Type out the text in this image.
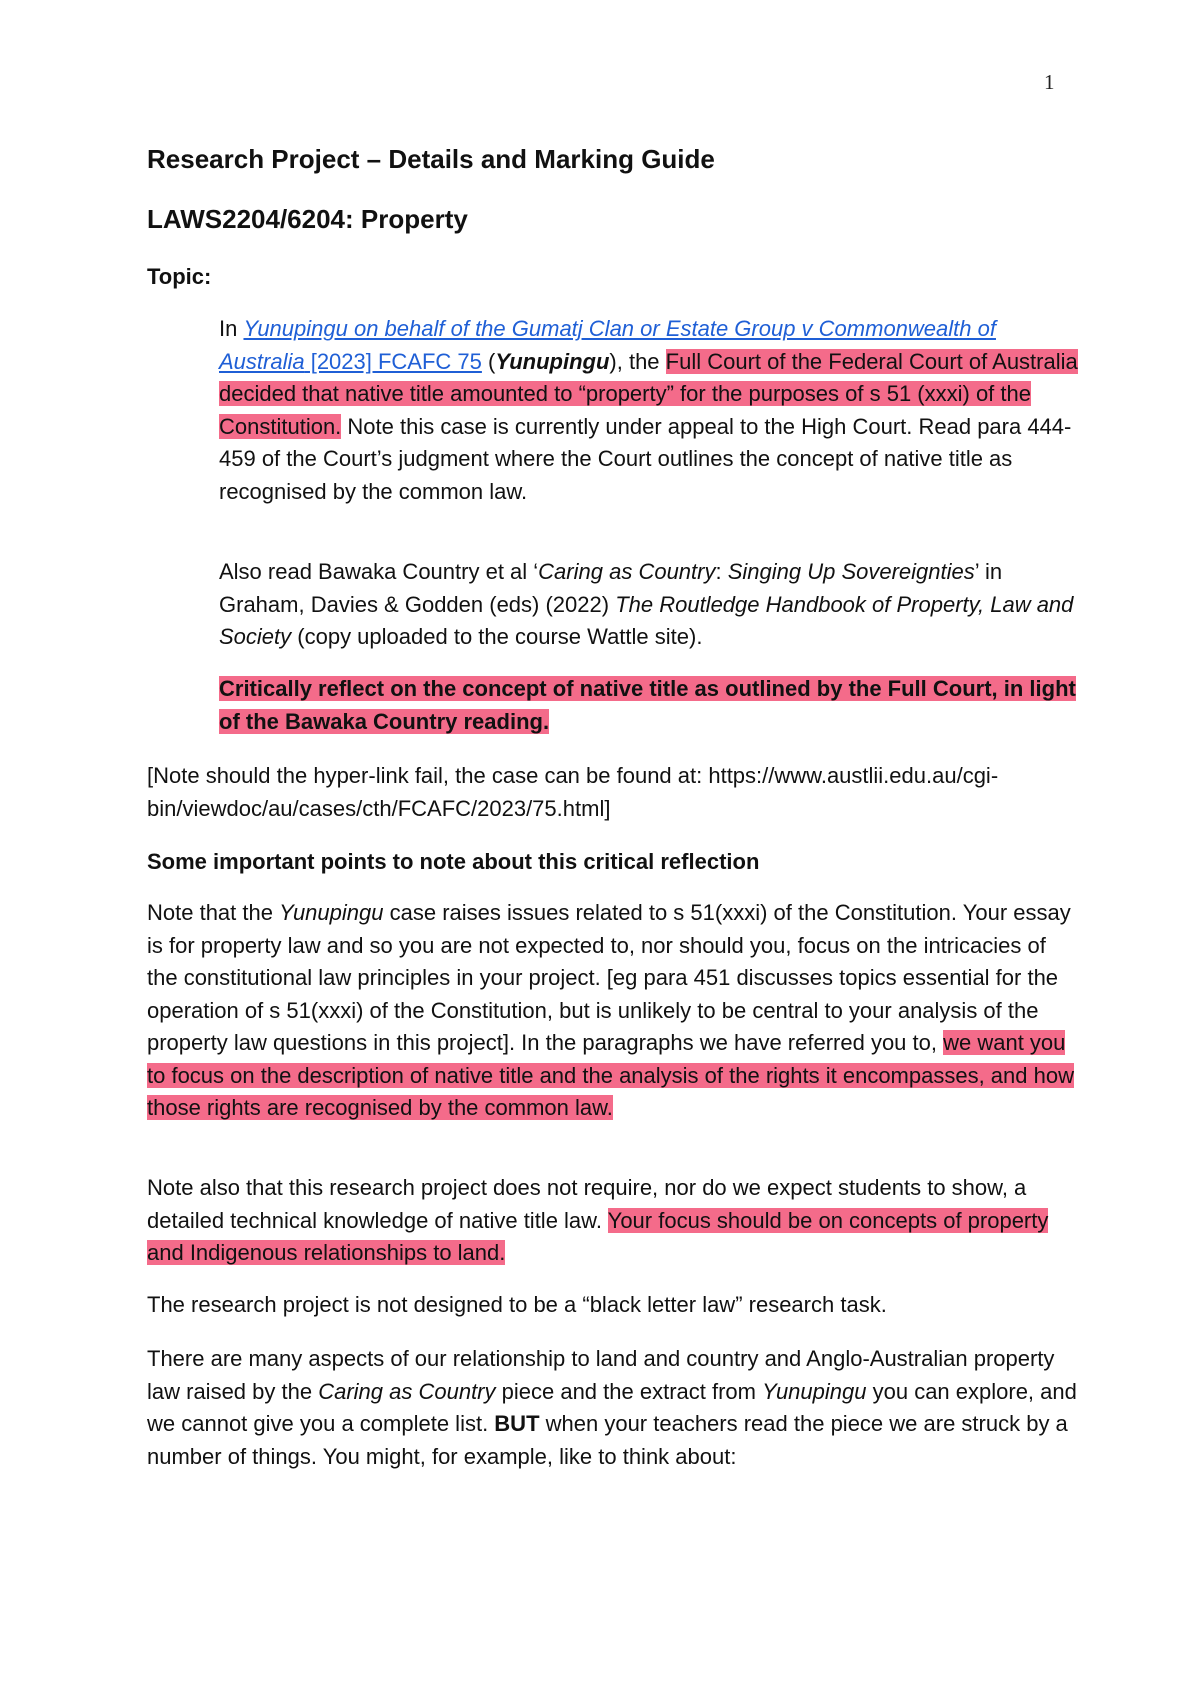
1
Research Project – Details and Marking Guide
LAWS2204/6204: Property
Topic:

In Yunupingu on behalf of the Gumatj Clan or Estate Group v Commonwealth of Australia [2023] FCAFC 75 (Yunupingu), the Full Court of the Federal Court of Australia decided that native title amounted to “property” for the purposes of s 51 (xxxi) of the Constitution. Note this case is currently under appeal to the High Court. Read para 444-459 of the Court’s judgment where the Court outlines the concept of native title as recognised by the common law.

Also read Bawaka Country et al ‘Caring as Country: Singing Up Sovereignties’ in Graham, Davies & Godden (eds) (2022) The Routledge Handbook of Property, Law and Society (copy uploaded to the course Wattle site).

Critically reflect on the concept of native title as outlined by the Full Court, in light of the Bawaka Country reading.

[Note should the hyper-link fail, the case can be found at: https://www.austlii.edu.au/cgi-bin/viewdoc/au/cases/cth/FCAFC/2023/75.html]

Some important points to note about this critical reflection

Note that the Yunupingu case raises issues related to s 51(xxxi) of the Constitution. Your essay is for property law and so you are not expected to, nor should you, focus on the intricacies of the constitutional law principles in your project. [eg para 451 discusses topics essential for the operation of s 51(xxxi) of the Constitution, but is unlikely to be central to your analysis of the property law questions in this project]. In the paragraphs we have referred you to, we want you to focus on the description of native title and the analysis of the rights it encompasses, and how those rights are recognised by the common law.

Note also that this research project does not require, nor do we expect students to show, a detailed technical knowledge of native title law. Your focus should be on concepts of property and Indigenous relationships to land.

The research project is not designed to be a “black letter law” research task.

There are many aspects of our relationship to land and country and Anglo-Australian property law raised by the Caring as Country piece and the extract from Yunupingu you can explore, and we cannot give you a complete list. BUT when your teachers read the piece we are struck by a number of things. You might, for example, like to think about:
